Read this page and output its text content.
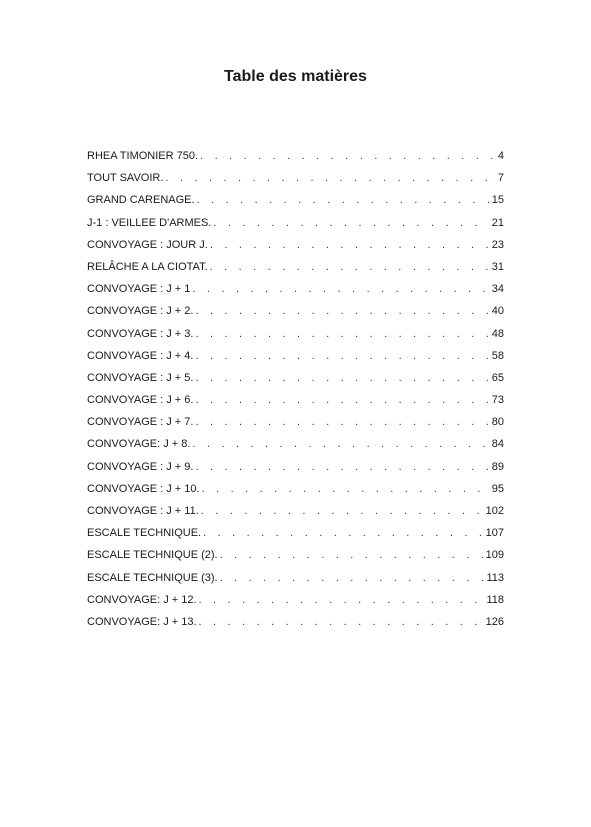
Table des matières
RHEA TIMONIER 750. . . .	4
TOUT SAVOIR. . . .	7
GRAND CARENAGE. . . .	15
J-1 : VEILLEE D'ARMES. . . .	21
CONVOYAGE : JOUR J. . . .	23
RELÂCHE A LA CIOTAT. . . .	31
CONVOYAGE : J + 1 . . .	34
CONVOYAGE : J + 2. . . .	40
CONVOYAGE : J + 3. . . .	48
CONVOYAGE : J + 4. . . .	58
CONVOYAGE : J + 5. . . .	65
CONVOYAGE : J + 6. . . .	73
CONVOYAGE : J + 7. . . .	80
CONVOYAGE: J + 8. . . .	84
CONVOYAGE : J + 9. . . .	89
CONVOYAGE : J + 10. . . .	95
CONVOYAGE : J + 11. . . .	102
ESCALE TECHNIQUE. . . .	107
ESCALE TECHNIQUE (2). . . .	109
ESCALE TECHNIQUE (3). . . .	113
CONVOYAGE: J + 12. . . .	118
CONVOYAGE: J + 13. . . .	126
